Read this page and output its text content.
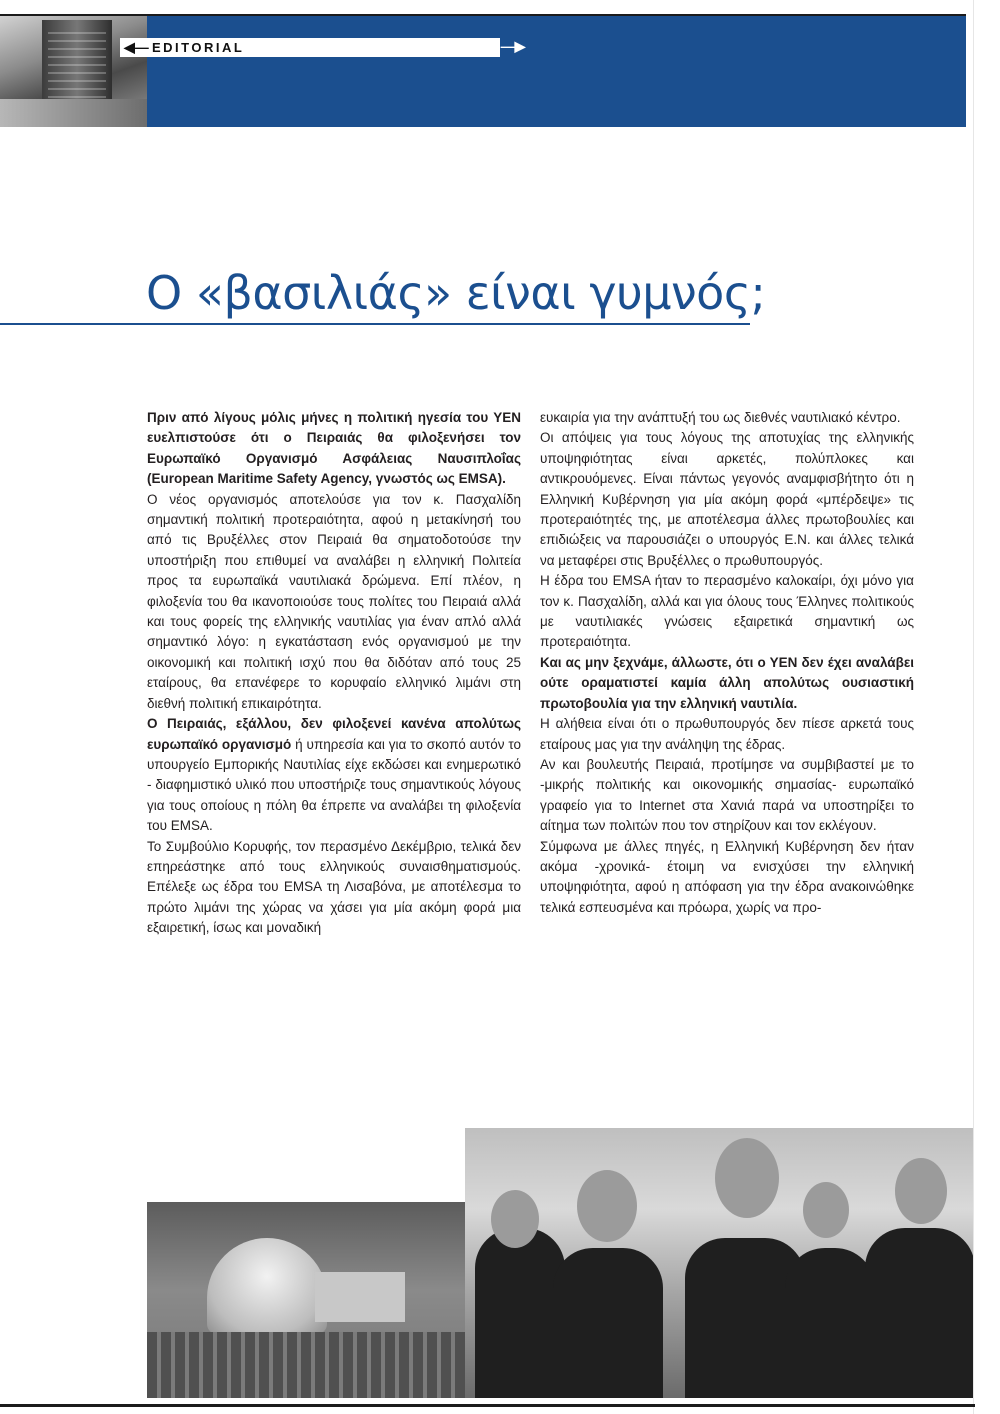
◀— EDITORIAL	—▶
Ο «βασιλιάς» είναι γυμνός;

Πριν από λίγους μόλις μήνες η πολιτική ηγεσία του ΥΕΝ ευελπιστούσε ότι ο Πειραιάς θα φιλοξενήσει τον Ευρωπαϊκό Οργανισμό Ασφάλειας Ναυσιπλοΐας (European Maritime Safety Agency, γνωστός ως EMSA).

Ο νέος οργανισμός αποτελούσε για τον κ. Πασχαλίδη σημαντική πολιτική προτεραιότητα, αφού η μετακίνησή του από τις Βρυξέλλες στον Πειραιά θα σηματοδοτούσε την υποστήριξη που επιθυμεί να αναλάβει η ελληνική Πολιτεία προς τα ευρωπαϊκά ναυτιλιακά δρώμενα. Επί πλέον, η φιλοξενία του θα ικανοποιούσε τους πολίτες του Πειραιά αλλά και τους φορείς της ελληνικής ναυτιλίας για έναν απλό αλλά σημαντικό λόγο: η εγκατάσταση ενός οργανισμού με την οικονομική και πολιτική ισχύ που θα διδόταν από τους 25 εταίρους, θα επανέφερε το κορυφαίο ελληνικό λιμάνι στη διεθνή πολιτική επικαιρότητα.

Ο Πειραιάς, εξάλλου, δεν φιλοξενεί κανένα απολύτως ευρωπαϊκό οργανισμό ή υπηρεσία και για το σκοπό αυτόν το υπουργείο Εμπορικής Ναυτιλίας είχε εκδώσει και ενημερωτικό - διαφημιστικό υλικό που υποστήριζε τους σημαντικούς λόγους για τους οποίους η πόλη θα έπρεπε να αναλάβει τη φιλοξενία του EMSA.

Το Συμβούλιο Κορυφής, τον περασμένο Δεκέμβριο, τελικά δεν επηρεάστηκε από τους ελληνικούς συναισθηματισμούς. Επέλεξε ως έδρα του EMSA τη Λισαβόνα, με αποτέλεσμα το πρώτο λιμάνι της χώρας να χάσει για μία ακόμη φορά μια εξαιρετική, ίσως και μοναδική

ευκαιρία για την ανάπτυξή του ως διεθνές ναυτιλιακό κέντρο.

Οι απόψεις για τους λόγους της αποτυχίας της ελληνικής υποψηφιότητας είναι αρκετές, πολύπλοκες και αντικρουόμενες. Είναι πάντως γεγονός αναμφισβήτητο ότι η Ελληνική Κυβέρνηση για μία ακόμη φορά «μπέρδεψε» τις προτεραιότητές της, με αποτέλεσμα άλλες πρωτοβουλίες και επιδιώξεις να παρουσιάζει ο υπουργός Ε.Ν. και άλλες τελικά να μεταφέρει στις Βρυξέλλες ο πρωθυπουργός.

Η έδρα του EMSA ήταν το περασμένο καλοκαίρι, όχι μόνο για τον κ. Πασχαλίδη, αλλά και για όλους τους Έλληνες πολιτικούς με ναυτιλιακές γνώσεις εξαιρετικά σημαντική ως προτεραιότητα.

Και ας μην ξεχνάμε, άλλωστε, ότι ο ΥΕΝ δεν έχει αναλάβει ούτε οραματιστεί καμία άλλη απολύτως ουσιαστική πρωτοβουλία για την ελληνική ναυτιλία.

Η αλήθεια είναι ότι ο πρωθυπουργός δεν πίεσε αρκετά τους εταίρους μας για την ανάληψη της έδρας.

Αν και βουλευτής Πειραιά, προτίμησε να συμβιβαστεί με το -μικρής πολιτικής και οικονομικής σημασίας- ευρωπαϊκό γραφείο για το Internet στα Χανιά παρά να υποστηρίξει το αίτημα των πολιτών που τον στηρίζουν και τον εκλέγουν.

Σύμφωνα με άλλες πηγές, η Ελληνική Κυβέρνηση δεν ήταν ακόμα -χρονικά- έτοιμη να ενισχύσει την ελληνική υποψηφιότητα, αφού η απόφαση για την έδρα ανακοινώθηκε τελικά εσπευσμένα και πρόωρα, χωρίς να προ-
